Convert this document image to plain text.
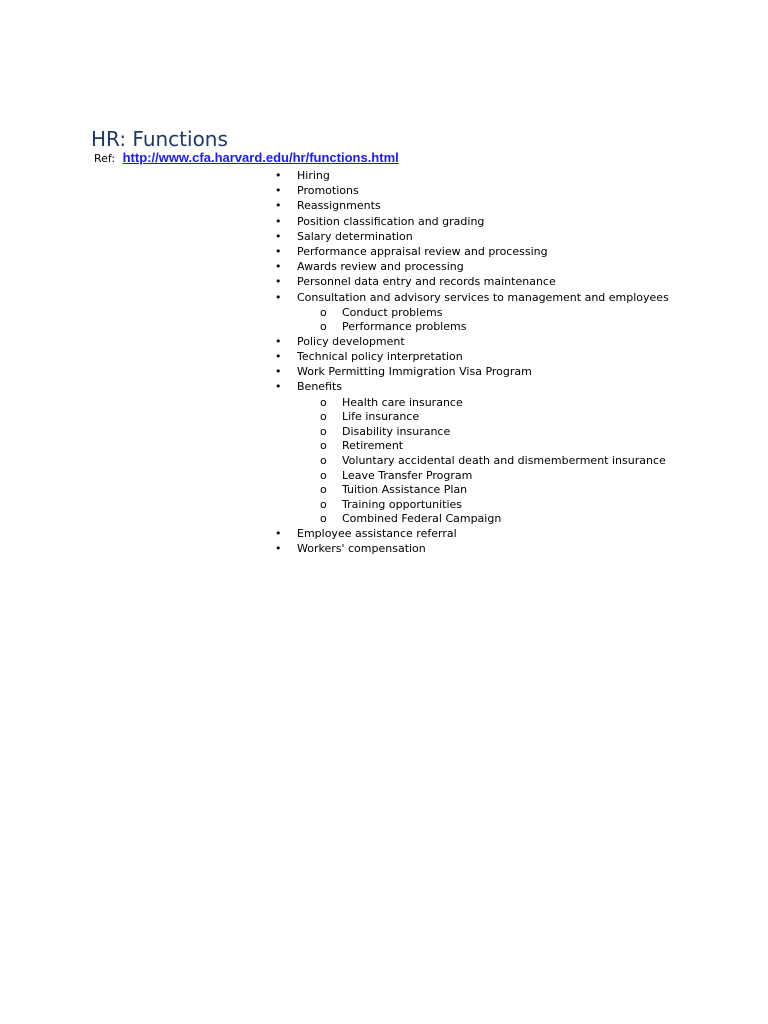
HR: Functions
Ref: http://www.cfa.harvard.edu/hr/functions.html
• Hiring
• Promotions
• Reassignments
• Position classification and grading
• Salary determination
• Performance appraisal review and processing
• Awards review and processing
• Personnel data entry and records maintenance
• Consultation and advisory services to management and employees
o Conduct problems
o Performance problems
• Policy development
• Technical policy interpretation
• Work Permitting Immigration Visa Program
• Benefits
o Health care insurance
o Life insurance
o Disability insurance
o Retirement
o Voluntary accidental death and dismemberment insurance
o Leave Transfer Program
o Tuition Assistance Plan
o Training opportunities
o Combined Federal Campaign
• Employee assistance referral
• Workers' compensation
